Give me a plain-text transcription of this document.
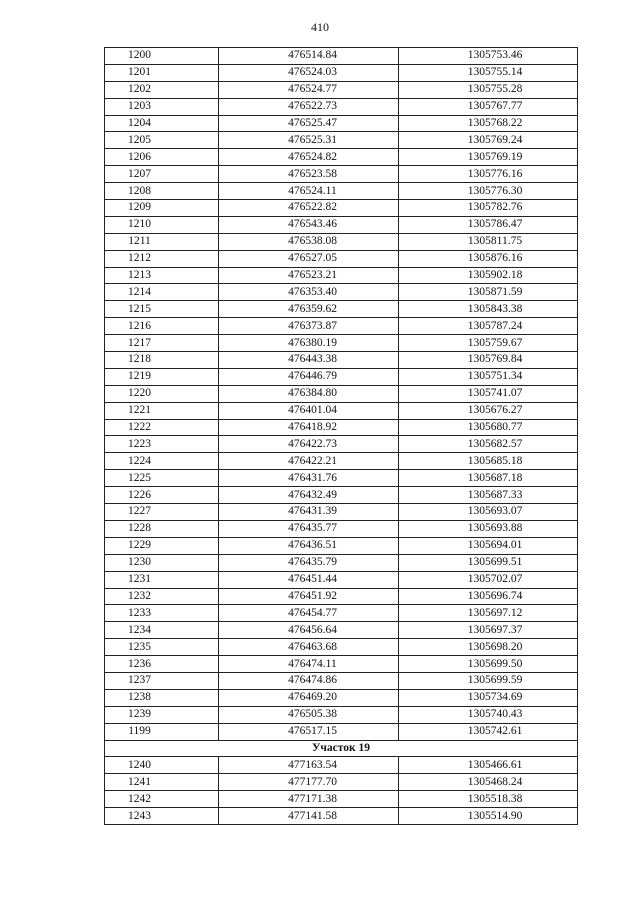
410
1200	476514.84	1305753.46
1201	476524.03	1305755.14
1202	476524.77	1305755.28
1203	476522.73	1305767.77
1204	476525.47	1305768.22
1205	476525.31	1305769.24
1206	476524.82	1305769.19
1207	476523.58	1305776.16
1208	476524.11	1305776.30
1209	476522.82	1305782.76
1210	476543.46	1305786.47
1211	476538.08	1305811.75
1212	476527.05	1305876.16
1213	476523.21	1305902.18
1214	476353.40	1305871.59
1215	476359.62	1305843.38
1216	476373.87	1305787.24
1217	476380.19	1305759.67
1218	476443.38	1305769.84
1219	476446.79	1305751.34
1220	476384.80	1305741.07
1221	476401.04	1305676.27
1222	476418.92	1305680.77
1223	476422.73	1305682.57
1224	476422.21	1305685.18
1225	476431.76	1305687.18
1226	476432.49	1305687.33
1227	476431.39	1305693.07
1228	476435.77	1305693.88
1229	476436.51	1305694.01
1230	476435.79	1305699.51
1231	476451.44	1305702.07
1232	476451.92	1305696.74
1233	476454.77	1305697.12
1234	476456.64	1305697.37
1235	476463.68	1305698.20
1236	476474.11	1305699.50
1237	476474.86	1305699.59
1238	476469.20	1305734.69
1239	476505.38	1305740.43
1199	476517.15	1305742.61
Участок 19		
1240	477163.54	1305466.61
1241	477177.70	1305468.24
1242	477171.38	1305518.38
1243	477141.58	1305514.90
